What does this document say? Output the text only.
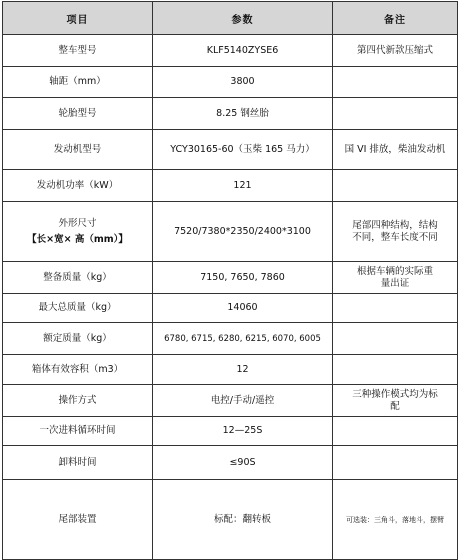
项目	参数	备注
整车型号	KLF5140ZYSE6	第四代新款压缩式
轴距（mm）	3800	
轮胎型号	8.25 钢丝胎	
发动机型号	YCY30165-60（玉柴 165 马力）	国 VI 排放，柴油发动机
发动机功率（kW）	121	

外形尺寸
【长×宽× 高（mm）】	7520/7380*2350/2400*3100	尾部四种结构，结构
不同，整车长度不同

整备质量（kg）	7150, 7650, 7860	根据车辆的实际重
量出证

最大总质量（kg）	14060	
额定质量（kg）	6780, 6715, 6280, 6215, 6070, 6005	
箱体有效容积（m3）	12	
操作方式	电控/手动/遥控	三种操作模式均为标
配

一次进料循环时间	12—25S	
卸料时间	≤90S	
尾部装置	标配：翻转板	可选装：三角斗，落地斗，摆臂
